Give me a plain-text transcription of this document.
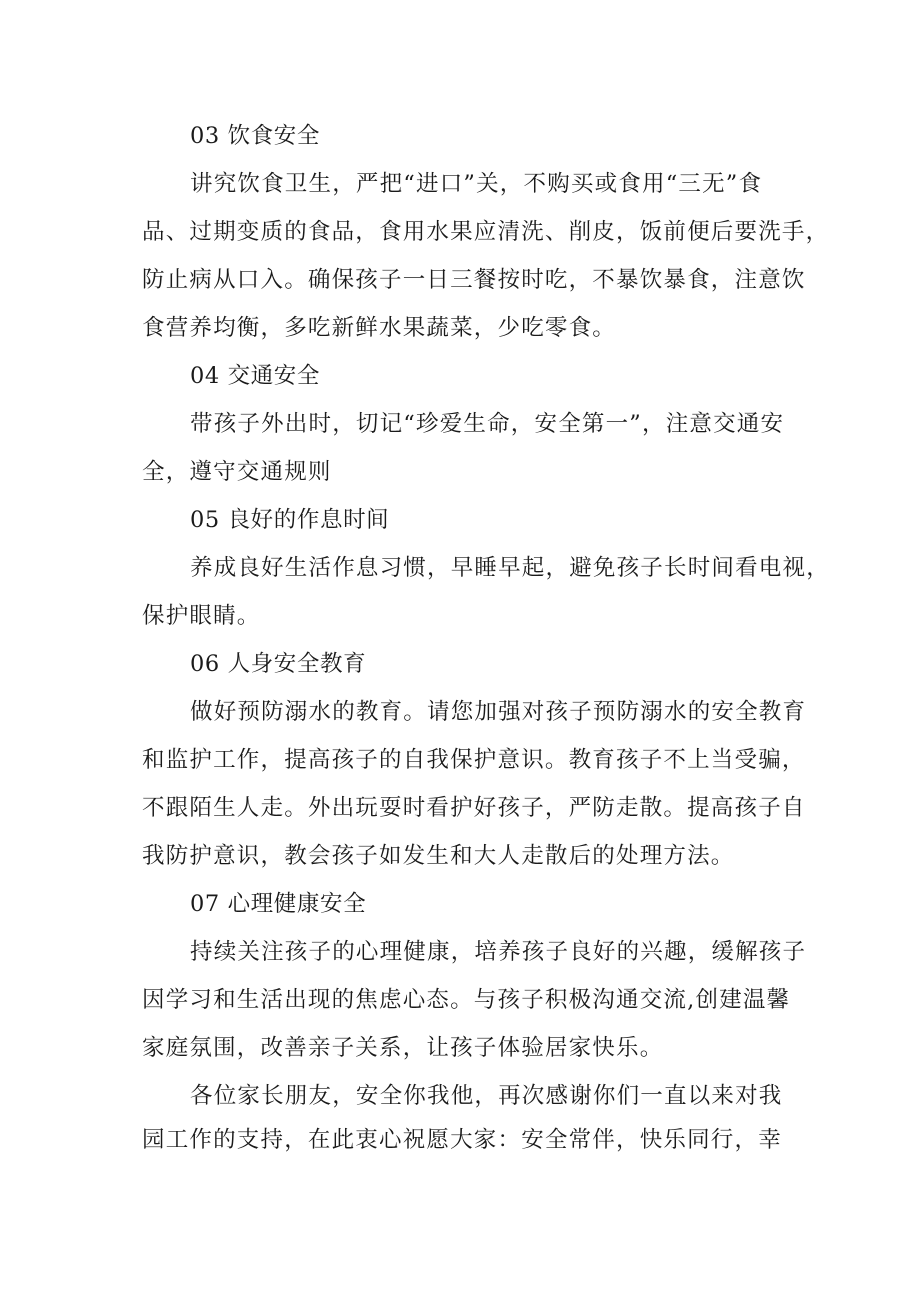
03 饮食安全
讲究饮食卫生，严把“进口”关，不购买或食用“三无”食
品、过期变质的食品，食用水果应清洗、削皮，饭前便后要洗手，
防止病从口入。确保孩子一日三餐按时吃，不暴饮暴食，注意饮
食营养均衡，多吃新鲜水果蔬菜，少吃零食。
04 交通安全
带孩子外出时，切记“珍爱生命，安全第一”，注意交通安
全，遵守交通规则
05 良好的作息时间
养成良好生活作息习惯，早睡早起，避免孩子长时间看电视，
保护眼睛。
06 人身安全教育
做好预防溺水的教育。请您加强对孩子预防溺水的安全教育
和监护工作，提高孩子的自我保护意识。教育孩子不上当受骗，
不跟陌生人走。外出玩耍时看护好孩子，严防走散。提高孩子自
我防护意识，教会孩子如发生和大人走散后的处理方法。
07 心理健康安全
持续关注孩子的心理健康，培养孩子良好的兴趣，缓解孩子
因学习和生活出现的焦虑心态。与孩子积极沟通交流,创建温馨
家庭氛围，改善亲子关系，让孩子体验居家快乐。
各位家长朋友，安全你我他，再次感谢你们一直以来对我
园工作的支持，在此衷心祝愿大家：安全常伴，快乐同行，幸
